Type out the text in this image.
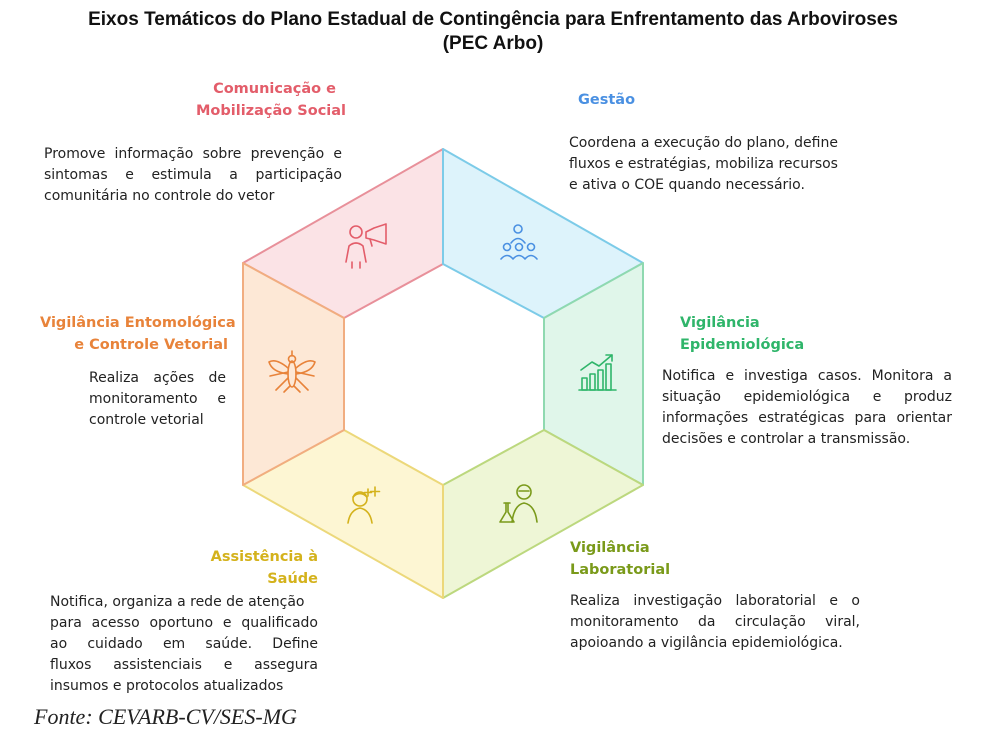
Eixos Temáticos do Plano Estadual de Contingência para Enfrentamento das Arboviroses
(PEC Arbo)
Comunicação e
Mobilização Social
Promove informação sobre prevenção e
sintomas e estimula a participação
comunitária no controle do vetor
Gestão
Coordena a execução do plano, define
fluxos e estratégias, mobiliza recursos
e ativa o COE quando necessário.
Vigilância Entomológica
e Controle Vetorial
Realiza ações de
monitoramento e
controle vetorial
Vigilância
Epidemiológica
Notifica e investiga casos. Monitora a
situação epidemiológica e produz
informações estratégicas para orientar
decisões e controlar a transmissão.
Assistência à
Saúde
Notifica, organiza a rede de atenção
para acesso oportuno e qualificado
ao cuidado em saúde. Define
fluxos assistenciais e assegura
insumos e protocolos atualizados
Vigilância
Laboratorial
Realiza investigação laboratorial e o
monitoramento da circulação viral,
apoioando a vigilância epidemiológica.
Fonte: CEVARB-CV/SES-MG
